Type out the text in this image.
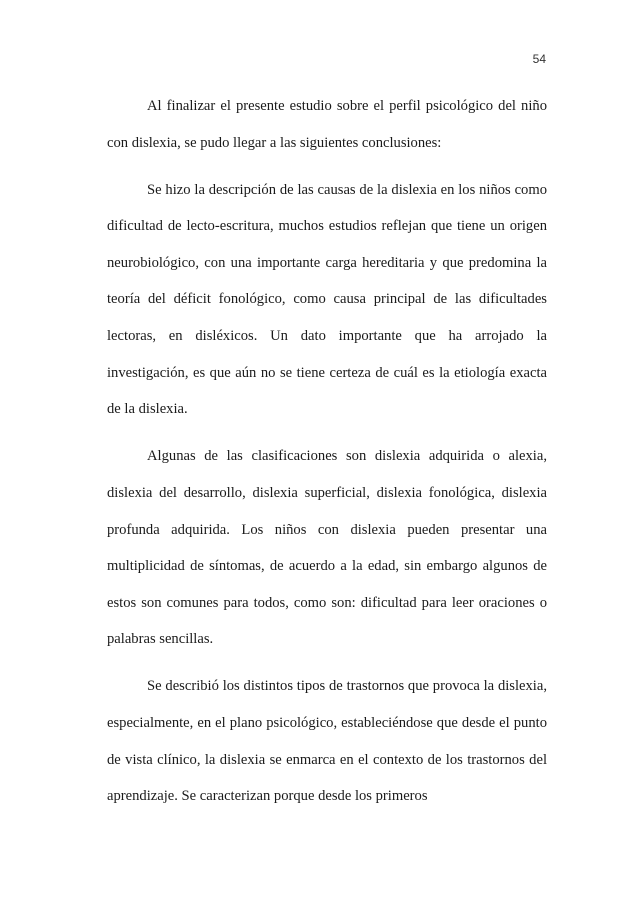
54

Al finalizar el presente estudio sobre el perfil psicológico del niño con dislexia, se pudo llegar a las siguientes conclusiones:

Se hizo la descripción de las causas de la dislexia en los niños como dificultad de lecto-escritura, muchos estudios reflejan que tiene un origen neurobiológico, con una importante carga hereditaria y que predomina la teoría del déficit fonológico, como causa principal de las dificultades lectoras, en disléxicos. Un dato importante que ha arrojado la investigación, es que aún no se tiene certeza de cuál es la etiología exacta de la dislexia.

Algunas de las clasificaciones son dislexia adquirida o alexia, dislexia del desarrollo, dislexia superficial, dislexia fonológica, dislexia profunda adquirida. Los niños con dislexia pueden presentar una multiplicidad de síntomas, de acuerdo a la edad, sin embargo algunos de estos son comunes para todos, como son: dificultad para leer oraciones o palabras sencillas.

Se describió los distintos tipos de trastornos que provoca la dislexia, especialmente, en el plano psicológico, estableciéndose que desde el punto de vista clínico, la dislexia se enmarca en el contexto de los trastornos del aprendizaje. Se caracterizan porque desde los primeros
